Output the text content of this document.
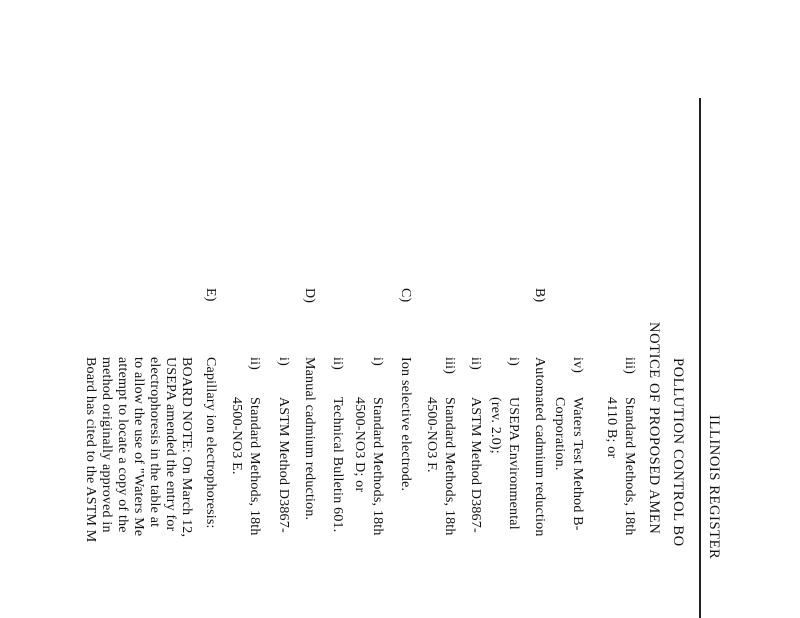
ILLINOIS REGISTER
POLLUTION CONTROL BO
NOTICE OF PROPOSED AMEN
iii)
iv)
B)
i)
ii)
iii)
C)
i)
ii)
D)
i)
ii)
E)
Standard Methods, 18th
4110 B; or
Waters Test Method B-
Corporation.
Automated cadmium reduction
USEPA Environmental
(rev. 2.0);
ASTM Method D3867-
Standard Methods, 18th
4500-NO3 F.
Ion selective electrode.
Standard Methods, 18th
4500-NO3 D; or
Technical Bulletin 601.
Manual cadmium reduction.
ASTM Method D3867-
Standard Methods, 18th
4500-NO3 E.
Capillary ion electrophoresis:
BOARD NOTE: On March 12,
USEPA amended the entry for
electrophoresis in the table at
to allow the use of "Waters Me
attempt to locate a copy of the
method originally approved in
Board has cited to the ASTM M
